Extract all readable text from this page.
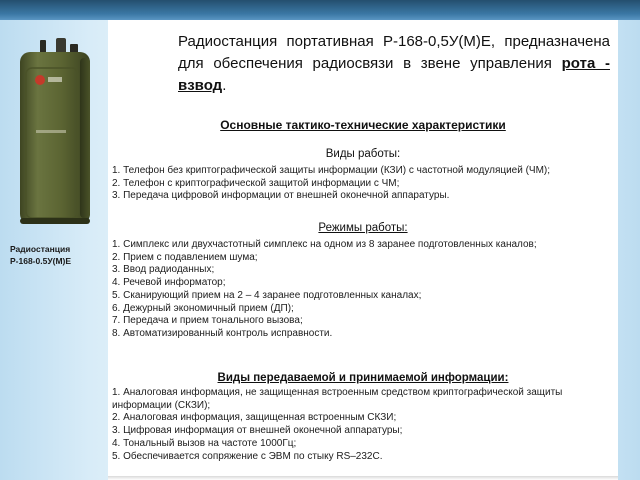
Радиостанция
Р-168-0.5У(М)Е
Радиостанция портативная Р-168-0,5У(М)Е, предназначена для обеспечения радиосвязи в звене управления рота - взвод.
Основные тактико-технические характеристики
Виды работы:
1. Телефон без криптографической защиты информации (КЗИ) с частотной модуляцией (ЧМ);
2. Телефон с криптографической защитой информации с ЧМ;
3. Передача цифровой информации от внешней оконечной аппаратуры.
Режимы работы:
1. Симплекс или двухчастотный симплекс на одном из 8 заранее подготовленных каналов;
2. Прием с подавлением шума;
3. Ввод радиоданных;
4. Речевой информатор;
5. Сканирующий прием на 2 – 4 заранее подготовленных каналах;
6. Дежурный экономичный прием (ДП);
7. Передача и прием тонального вызова;
8. Автоматизированный контроль исправности.
Виды передаваемой и принимаемой информации:
1. Аналоговая информация, не защищенная встроенным средством криптографической защиты информации (СКЗИ);
2. Аналоговая информация, защищенная встроенным СКЗИ;
3. Цифровая информация от внешней оконечной аппаратуры;
4. Тональный вызов на частоте 1000Гц;
5. Обеспечивается сопряжение с ЭВМ по стыку RS–232С.
